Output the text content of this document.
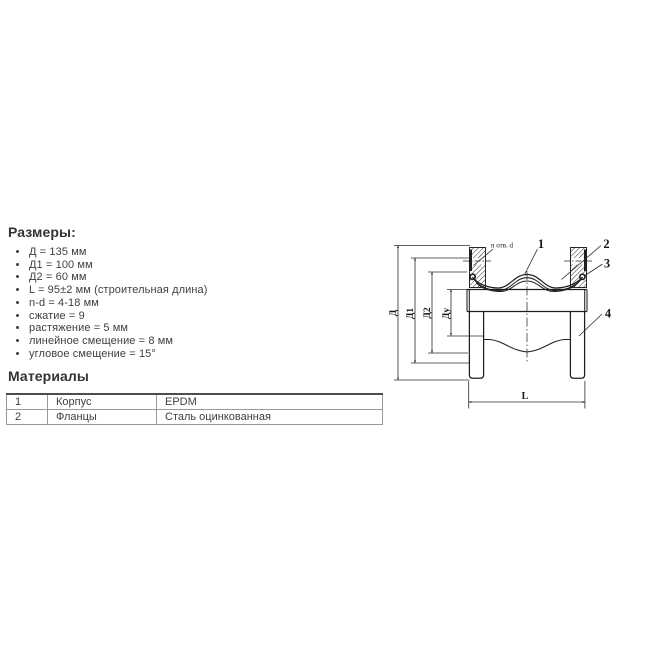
Размеры:
• Д = 135 мм
• Д1 = 100 мм
• Д2 = 60 мм
• L = 95±2 мм (строительная длина)
• n-d = 4-18 мм
• сжатие = 9
• растяжение = 5 мм
• линейное смещение = 8 мм
• угловое смещение = 15°
Материалы
1	Корпус	EPDM
2	Фланцы	Сталь оцинкованная
Д Д1 Д2 Ду
L
n отв. d 1	2
3
4
